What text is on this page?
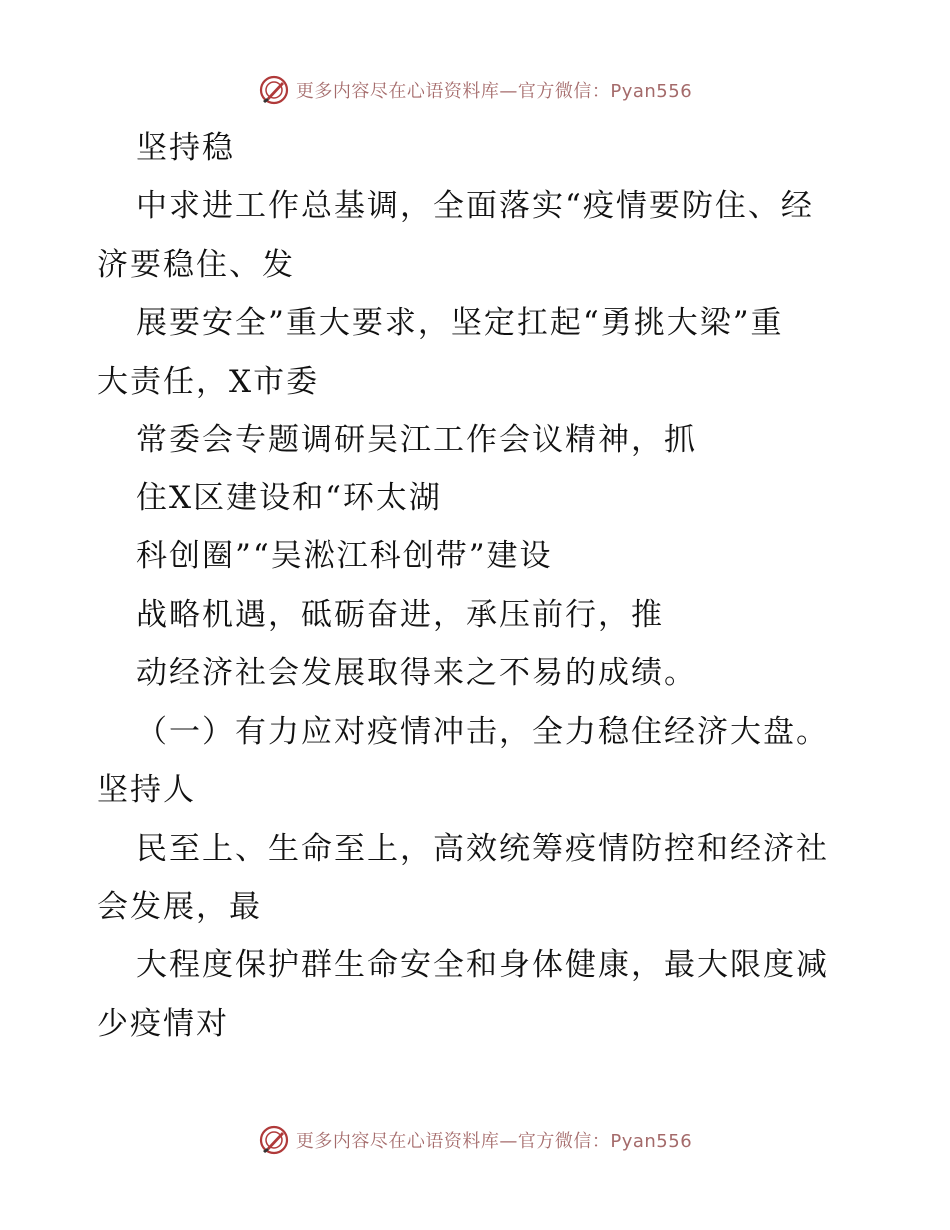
更多内容尽在心语资料库—官方微信：Pyan556
坚持稳
中求进工作总基调，全面落实“疫情要防住、经
济要稳住、发
展要安全”重大要求，坚定扛起“勇挑大梁”重
大责任，X市委
常委会专题调研吴江工作会议精神，抓
住X区建设和“环太湖
科创圈”“吴淞江科创带”建设
战略机遇，砥砺奋进，承压前行，推
动经济社会发展取得来之不易的成绩。
（一）有力应对疫情冲击，全力稳住经济大盘。
坚持人
民至上、生命至上，高效统筹疫情防控和经济社
会发展，最
大程度保护群生命安全和身体健康，最大限度减
少疫情对
更多内容尽在心语资料库—官方微信：Pyan556
